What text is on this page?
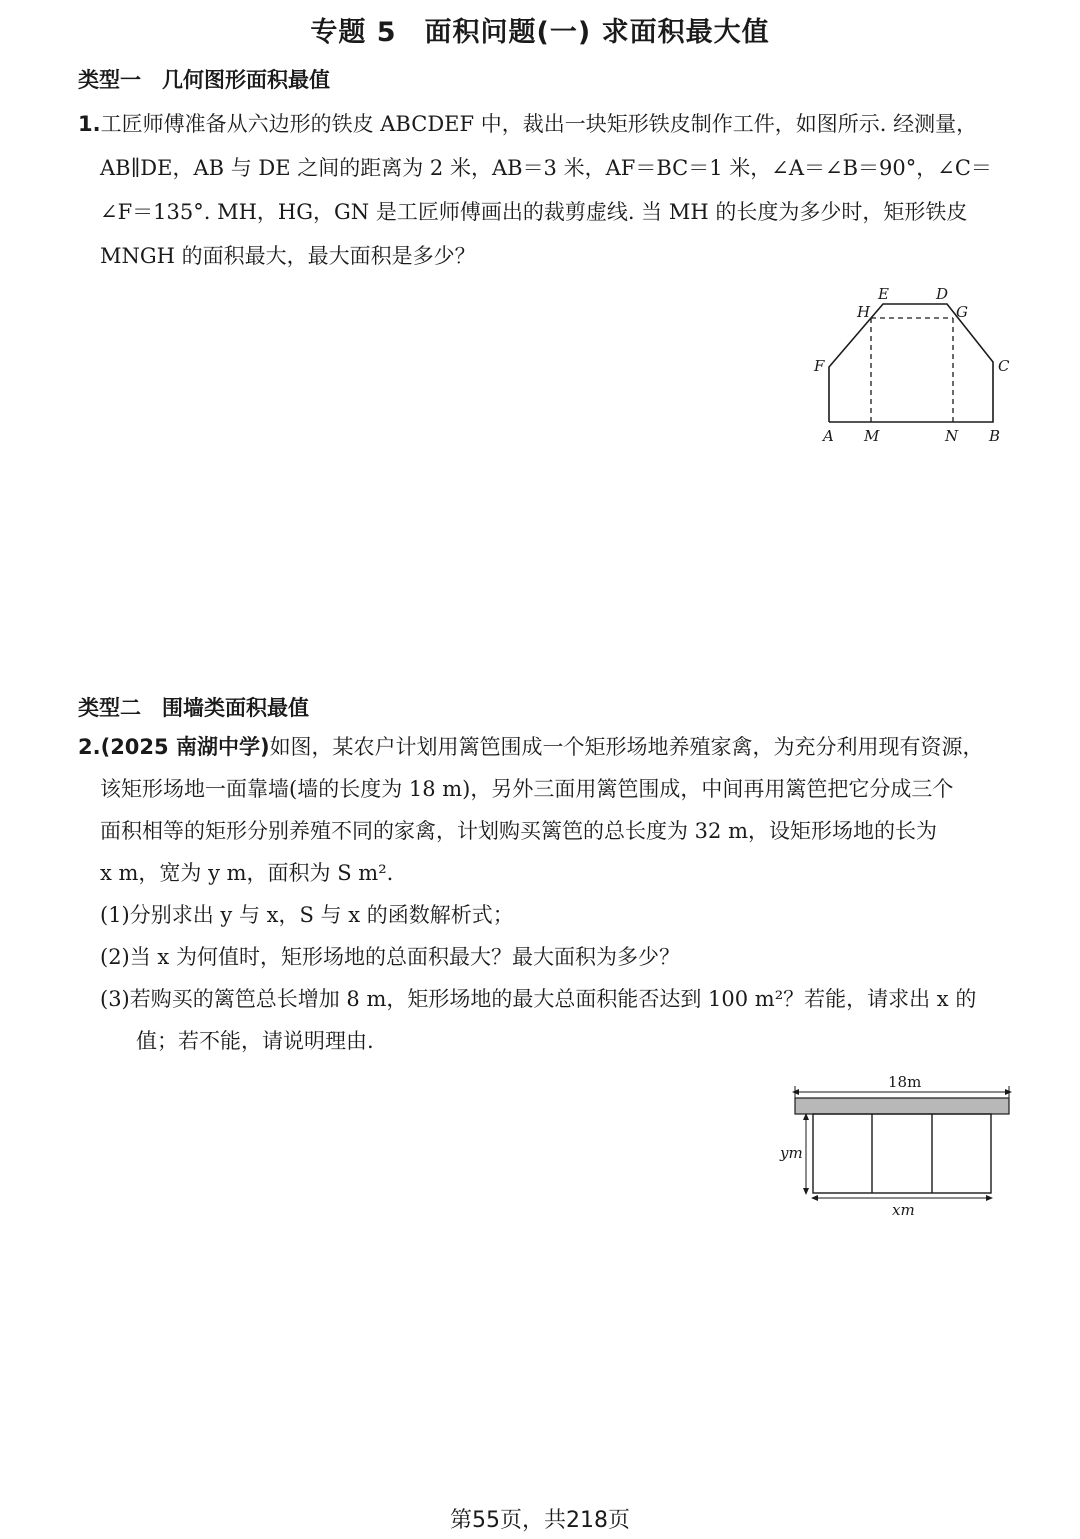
专题 5　面积问题(一) 求面积最大值
类型一　几何图形面积最值
1.工匠师傅准备从六边形的铁皮 ABCDEF 中，裁出一块矩形铁皮制作工件，如图所示. 经测量，
AB∥DE，AB 与 DE 之间的距离为 2 米，AB＝3 米，AF＝BC＝1 米，∠A＝∠B＝90°，∠C＝
∠F＝135°. MH，HG，GN 是工匠师傅画出的裁剪虚线. 当 MH 的长度为多少时，矩形铁皮
MNGH 的面积最大，最大面积是多少？
E	D
H	G
F	C
A M	N B
类型二　围墙类面积最值
2.(2025 南湖中学)如图，某农户计划用篱笆围成一个矩形场地养殖家禽，为充分利用现有资源，
该矩形场地一面靠墙(墙的长度为 18 m)，另外三面用篱笆围成，中间再用篱笆把它分成三个
面积相等的矩形分别养殖不同的家禽，计划购买篱笆的总长度为 32 m，设矩形场地的长为
x m，宽为 y m，面积为 S m².
(1)分别求出 y 与 x，S 与 x 的函数解析式；
(2)当 x 为何值时，矩形场地的总面积最大？最大面积为多少？
(3)若购买的篱笆总长增加 8 m，矩形场地的最大总面积能否达到 100 m²？若能，请求出 x 的
值；若不能，请说明理由.
18m
ym
xm
第55页，共218页
